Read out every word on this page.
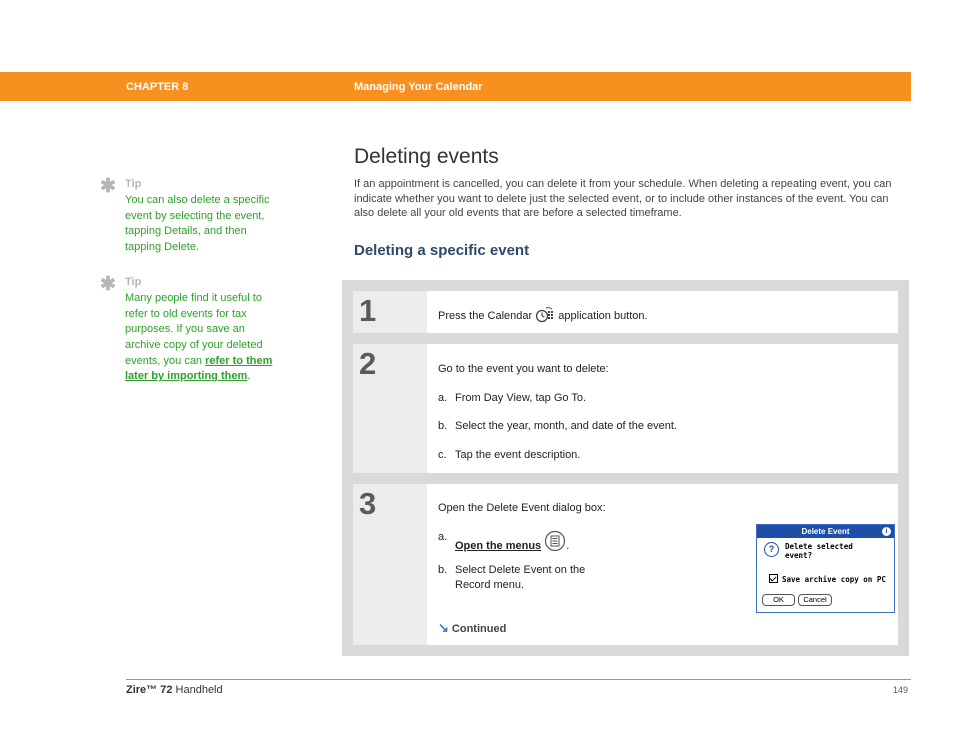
CHAPTER 8	Managing Your Calendar
✱ Tip
You can also delete a specific event by selecting the event, tapping Details, and then tapping Delete.
✱ Tip
Many people find it useful to refer to old events for tax purposes. If you save an archive copy of your deleted events, you can refer to them later by importing them.
Deleting events
If an appointment is cancelled, you can delete it from your schedule. When deleting a repeating event, you can indicate whether you want to delete just the selected event, or to include other instances of the event. You can also delete all your old events that are before a selected timeframe.
Deleting a specific event
1	Press the Calendar application button.
2	Go to the event you want to delete:
a. From Day View, tap Go To.
b. Select the year, month, and date of the event.
c. Tap the event description.
3	Open the Delete Event dialog box:
a.
Open the menus .
b. Select Delete Event on the Record menu.
Delete Event	i
?	Delete selected
event?
Save archive copy on PC
OK	Cancel
↘ Continued
Zire™ 72 Handheld	149
